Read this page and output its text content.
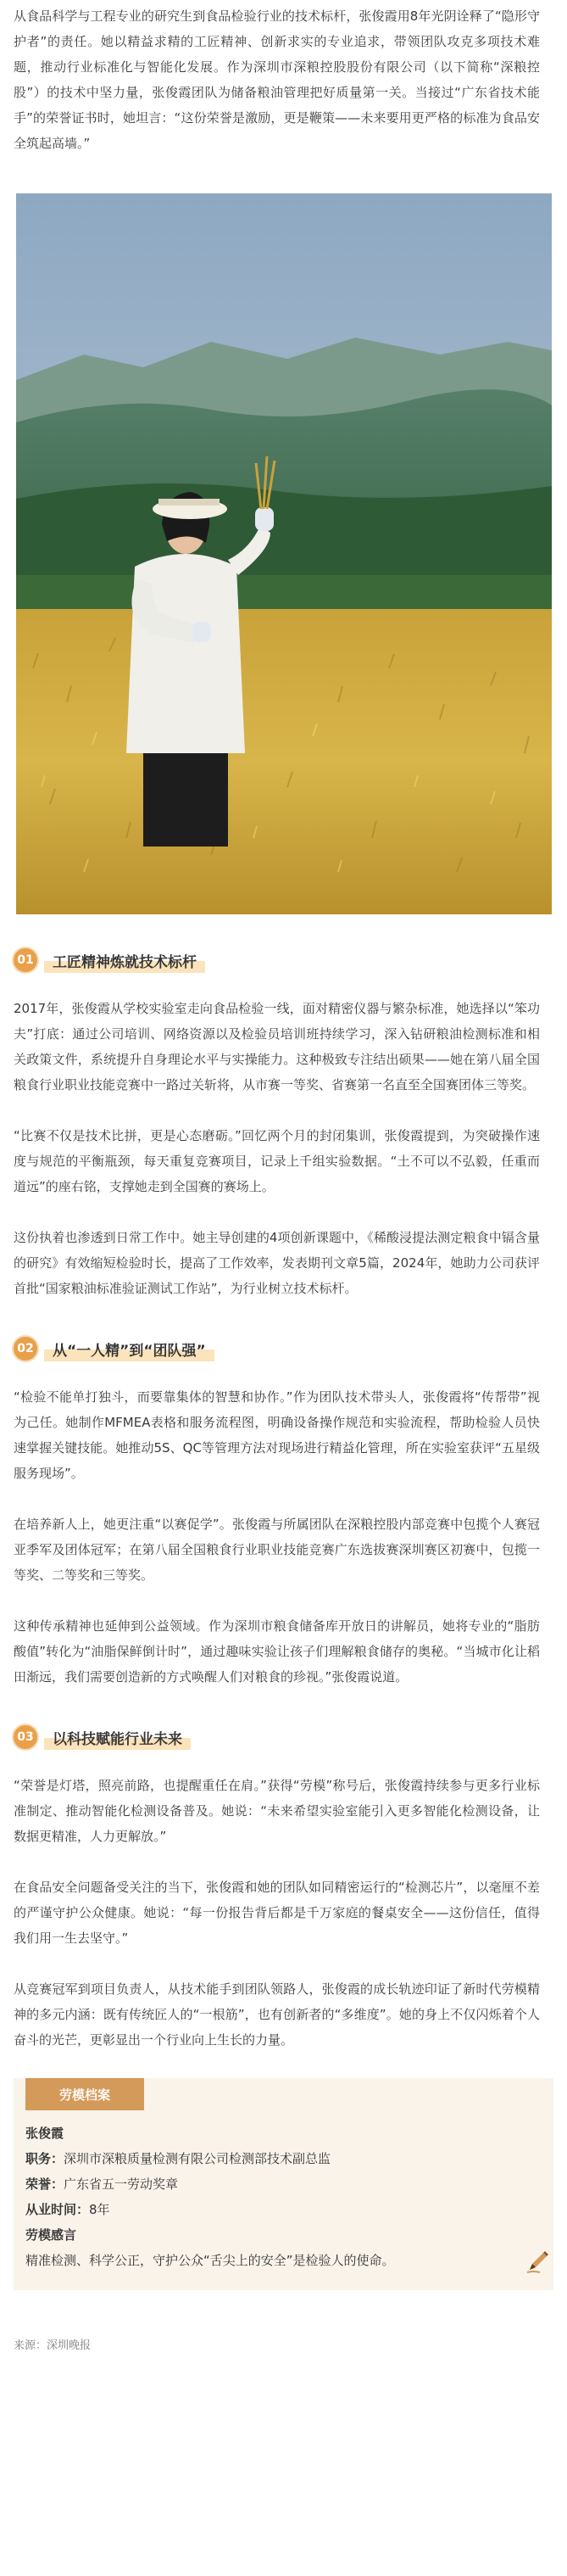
从食品科学与工程专业的研究生到食品检验行业的技术标杆，张俊霞用8年光阴诠释了“隐形守护者”的责任。她以精益求精的工匠精神、创新求实的专业追求，带领团队攻克多项技术难题，推动行业标准化与智能化发展。作为深圳市深粮控股股份有限公司（以下简称“深粮控股”）的技术中坚力量，张俊霞团队为储备粮油管理把好质量第一关。当接过“广东省技术能手”的荣誉证书时，她坦言：“这份荣誉是激励，更是鞭策——未来要用更严格的标准为食品安全筑起高墙。”

01	工匠精神炼就技术标杆

2017年，张俊霞从学校实验室走向食品检验一线，面对精密仪器与繁杂标准，她选择以“笨功夫”打底：通过公司培训、网络资源以及检验员培训班持续学习，深入钻研粮油检测标准和相关政策文件，系统提升自身理论水平与实操能力。这种极致专注结出硕果——她在第八届全国粮食行业职业技能竞赛中一路过关斩将，从市赛一等奖、省赛第一名直至全国赛团体三等奖。

“比赛不仅是技术比拼，更是心态磨砺。”回忆两个月的封闭集训，张俊霞提到，为突破操作速度与规范的平衡瓶颈，每天重复竞赛项目，记录上千组实验数据。“土不可以不弘毅，任重而道远”的座右铭，支撑她走到全国赛的赛场上。

这份执着也渗透到日常工作中。她主导创建的4项创新课题中，《稀酸浸提法测定粮食中镉含量的研究》有效缩短检验时长，提高了工作效率，发表期刊文章5篇，2024年，她助力公司获评首批“国家粮油标准验证测试工作站”，为行业树立技术标杆。

02	从“一人精”到“团队强”

“检验不能单打独斗，而要靠集体的智慧和协作。”作为团队技术带头人，张俊霞将“传帮带”视为己任。她制作MFMEA表格和服务流程图，明确设备操作规范和实验流程，帮助检验人员快速掌握关键技能。她推动5S、QC等管理方法对现场进行精益化管理，所在实验室获评“五星级服务现场”。

在培养新人上，她更注重“以赛促学”。张俊霞与所属团队在深粮控股内部竞赛中包揽个人赛冠亚季军及团体冠军；在第八届全国粮食行业职业技能竞赛广东选拔赛深圳赛区初赛中，包揽一等奖、二等奖和三等奖。

这种传承精神也延伸到公益领域。作为深圳市粮食储备库开放日的讲解员，她将专业的“脂肪酸值”转化为“油脂保鲜倒计时”，通过趣味实验让孩子们理解粮食储存的奥秘。“当城市化让稻田渐远，我们需要创造新的方式唤醒人们对粮食的珍视。”张俊霞说道。

03	以科技赋能行业未来

“荣誉是灯塔，照亮前路，也提醒重任在肩。”获得“劳模”称号后，张俊霞持续参与更多行业标准制定、推动智能化检测设备普及。她说：“未来希望实验室能引入更多智能化检测设备，让数据更精准，人力更解放。”

在食品安全问题备受关注的当下，张俊霞和她的团队如同精密运行的“检测芯片”，以毫厘不差的严谨守护公众健康。她说：“每一份报告背后都是千万家庭的餐桌安全——这份信任，值得我们用一生去坚守。”

从竞赛冠军到项目负责人，从技术能手到团队领路人，张俊霞的成长轨迹印证了新时代劳模精神的多元内涵：既有传统匠人的“一根筋”，也有创新者的“多维度”。她的身上不仅闪烁着个人奋斗的光芒，更彰显出一个行业向上生长的力量。

劳模档案
张俊霞
职务：深圳市深粮质量检测有限公司检测部技术副总监
荣誉：广东省五一劳动奖章
从业时间：8年
劳模感言
精准检测、科学公正，守护公众“舌尖上的安全”是检验人的使命。
来源：深圳晚报
